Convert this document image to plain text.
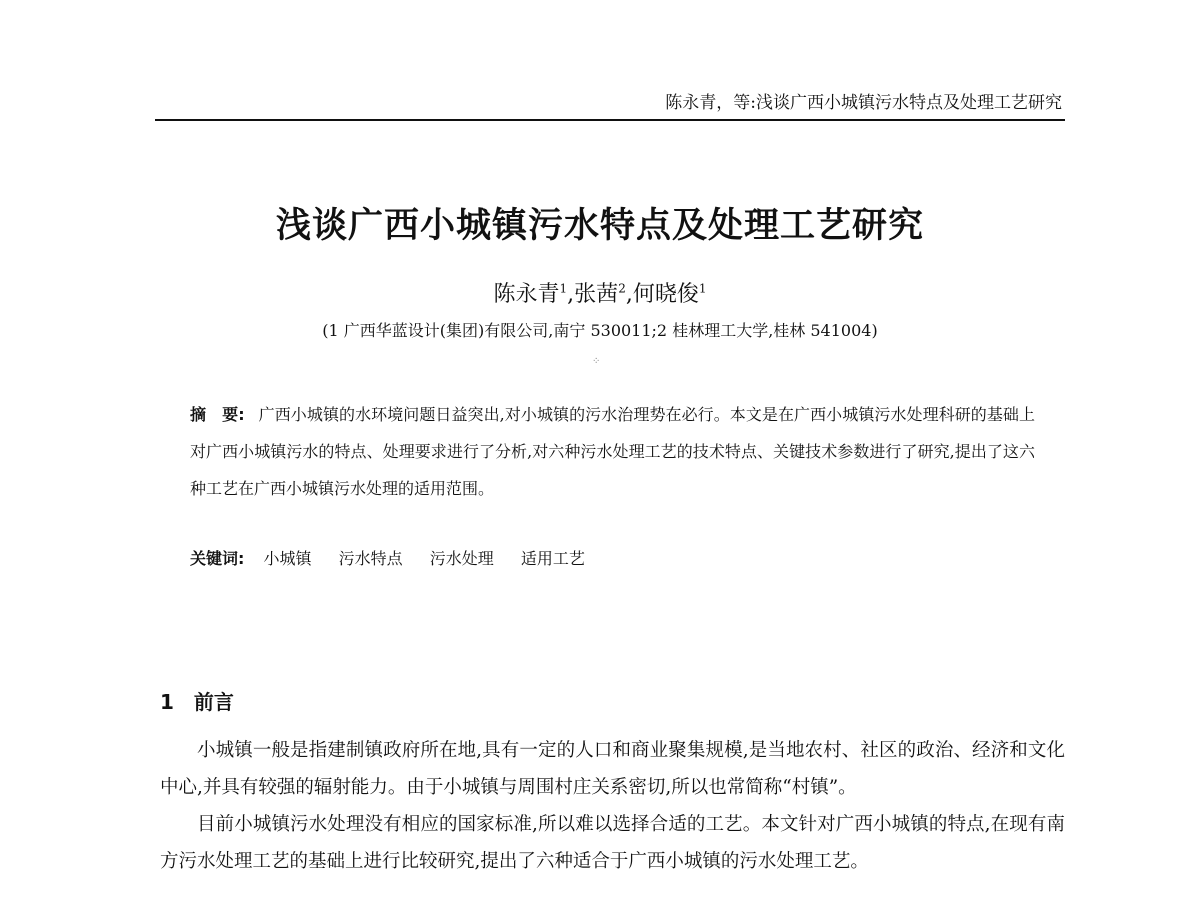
陈永青，等:浅谈广西小城镇污水特点及处理工艺研究
浅谈广西小城镇污水特点及处理工艺研究
陈永青$^1$,张茜$^2$,何晓俊$^1$
(1 广西华蓝设计(集团)有限公司,南宁 530011;2 桂林理工大学,桂林 541004)
⁘
摘　要: 广西小城镇的水环境问题日益突出,对小城镇的污水治理势在必行。本文是在广西小城镇污水处理科研的基础上对广西小城镇污水的特点、处理要求进行了分析,对六种污水处理工艺的技术特点、关键技术参数进行了研究,提出了这六种工艺在广西小城镇污水处理的适用范围。
关键词: 小城镇 污水特点 污水处理 适用工艺
1 前言

小城镇一般是指建制镇政府所在地,具有一定的人口和商业聚集规模,是当地农村、社区的政治、经济和文化中心,并具有较强的辐射能力。由于小城镇与周围村庄关系密切,所以也常简称“村镇”。

目前小城镇污水处理没有相应的国家标准,所以难以选择合适的工艺。本文针对广西小城镇的特点,在现有南方污水处理工艺的基础上进行比较研究,提出了六种适合于广西小城镇的污水处理工艺。
